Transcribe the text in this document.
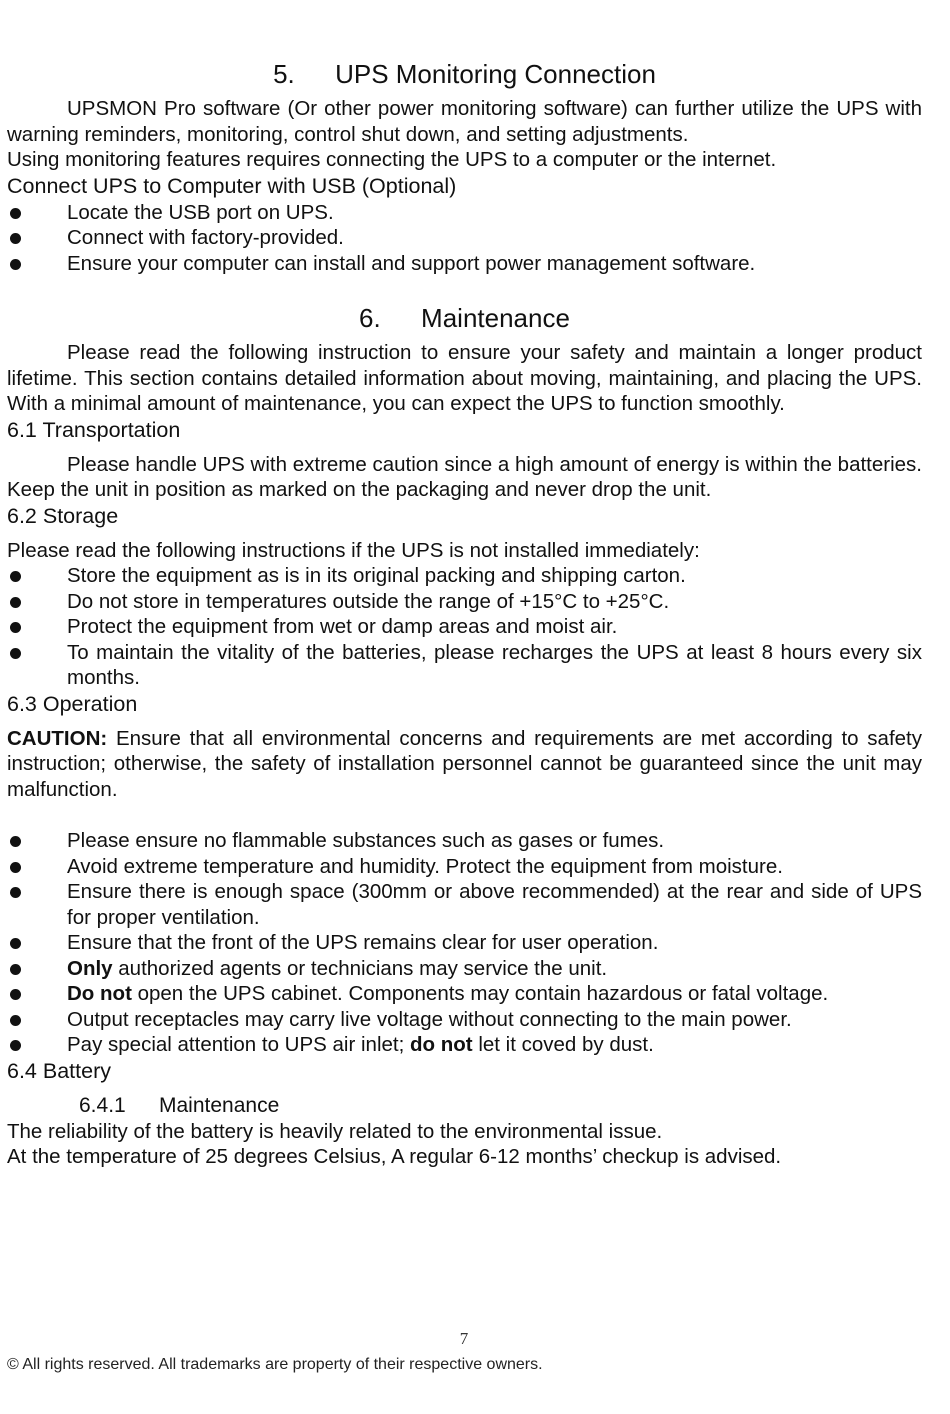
5. UPS Monitoring Connection

UPSMON Pro software (Or other power monitoring software) can further utilize the UPS with warning reminders, monitoring, control shut down, and setting adjustments.

Using monitoring features requires connecting the UPS to a computer or the internet.

Connect UPS to Computer with USB (Optional)
Locate the USB port on UPS.
Connect with factory-provided.
Ensure your computer can install and support power management software.
6. Maintenance

Please read the following instruction to ensure your safety and maintain a longer product lifetime. This section contains detailed information about moving, maintaining, and placing the UPS. With a minimal amount of maintenance, you can expect the UPS to function smoothly.

6.1 Transportation

Please handle UPS with extreme caution since a high amount of energy is within the batteries. Keep the unit in position as marked on the packaging and never drop the unit.

6.2 Storage

Please read the following instructions if the UPS is not installed immediately:

Store the equipment as is in its original packing and shipping carton.
Do not store in temperatures outside the range of +15°C to +25°C.
Protect the equipment from wet or damp areas and moist air.
To maintain the vitality of the batteries, please recharges the UPS at least 8 hours every six months.
6.3 Operation

CAUTION: Ensure that all environmental concerns and requirements are met according to safety instruction; otherwise, the safety of installation personnel cannot be guaranteed since the unit may malfunction.

Please ensure no flammable substances such as gases or fumes.
Avoid extreme temperature and humidity. Protect the equipment from moisture.
Ensure there is enough space (300mm or above recommended) at the rear and side of UPS for proper ventilation.
Ensure that the front of the UPS remains clear for user operation.
Only authorized agents or technicians may service the unit.
Do not open the UPS cabinet. Components may contain hazardous or fatal voltage.
Output receptacles may carry live voltage without connecting to the main power.
Pay special attention to UPS air inlet; do not let it coved by dust.
6.4 Battery
6.4.1 Maintenance

The reliability of the battery is heavily related to the environmental issue.

At the temperature of 25 degrees Celsius, A regular 6-12 months’ checkup is advised.

7
© All rights reserved. All trademarks are property of their respective owners.
